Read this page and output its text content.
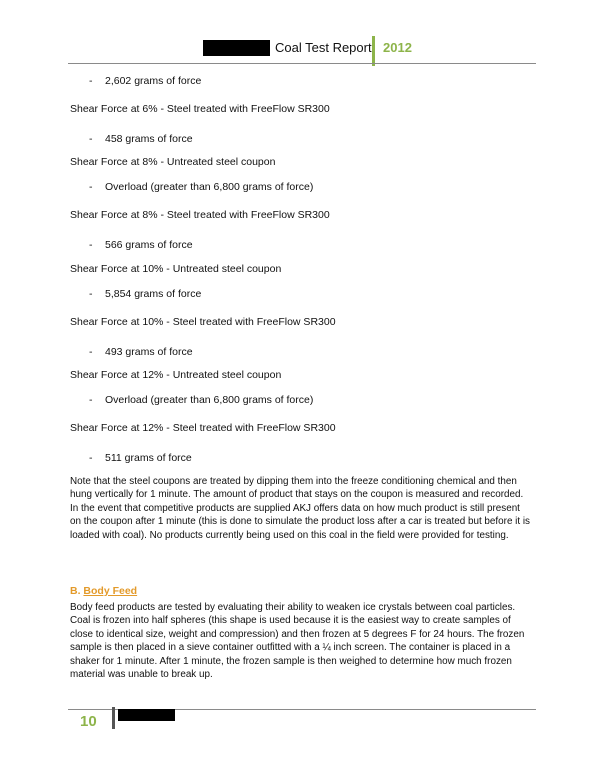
Coal Test Report 2012
- 2,602 grams of force
Shear Force at 6% - Steel treated with FreeFlow SR300
- 458 grams of force
Shear Force at 8% - Untreated steel coupon
- Overload (greater than 6,800 grams of force)
Shear Force at 8% - Steel treated with FreeFlow SR300
- 566 grams of force
Shear Force at 10% - Untreated steel coupon
- 5,854 grams of force
Shear Force at 10% - Steel treated with FreeFlow SR300
- 493 grams of force
Shear Force at 12% - Untreated steel coupon
- Overload (greater than 6,800 grams of force)
Shear Force at 12% - Steel treated with FreeFlow SR300
- 511 grams of force

Note that the steel coupons are treated by dipping them into the freeze conditioning chemical and then hung vertically for 1 minute. The amount of product that stays on the coupon is measured and recorded. In the event that competitive products are supplied AKJ offers data on how much product is still present on the coupon after 1 minute (this is done to simulate the product loss after a car is treated but before it is loaded with coal). No products currently being used on this coal in the field were provided for testing.

B. Body Feed

Body feed products are tested by evaluating their ability to weaken ice crystals between coal particles. Coal is frozen into half spheres (this shape is used because it is the easiest way to create samples of close to identical size, weight and compression) and then frozen at 5 degrees F for 24 hours. The frozen sample is then placed in a sieve container outfitted with a ¼ inch screen. The container is placed in a shaker for 1 minute. After 1 minute, the frozen sample is then weighed to determine how much frozen material was unable to break up.

10
